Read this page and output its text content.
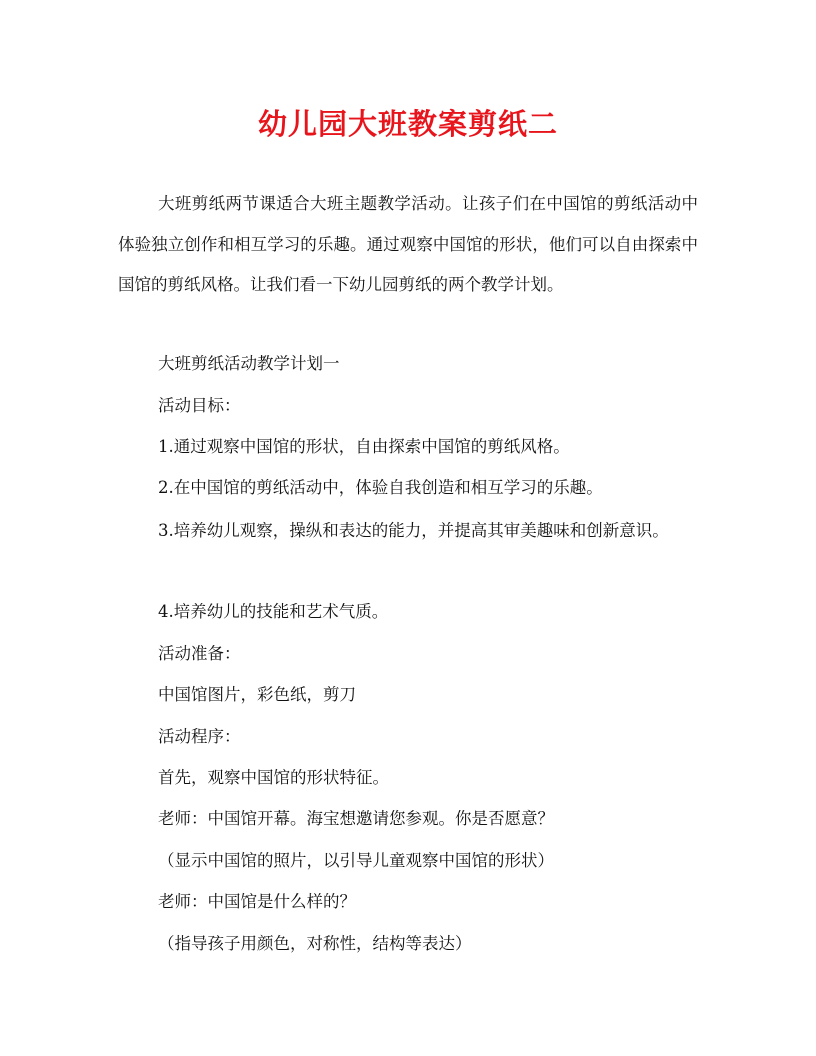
幼儿园大班教案剪纸二
大班剪纸两节课适合大班主题教学活动。让孩子们在中国馆的剪纸活动中体验独立创作和相互学习的乐趣。通过观察中国馆的形状，他们可以自由探索中国馆的剪纸风格。让我们看一下幼儿园剪纸的两个教学计划。
大班剪纸活动教学计划一
活动目标：
1.通过观察中国馆的形状，自由探索中国馆的剪纸风格。
2.在中国馆的剪纸活动中，体验自我创造和相互学习的乐趣。
3.培养幼儿观察，操纵和表达的能力，并提高其审美趣味和创新意识。
4.培养幼儿的技能和艺术气质。
活动准备：
中国馆图片，彩色纸，剪刀
活动程序：
首先，观察中国馆的形状特征。
老师：中国馆开幕。海宝想邀请您参观。你是否愿意？
（显示中国馆的照片，以引导儿童观察中国馆的形状）
老师：中国馆是什么样的？
（指导孩子用颜色，对称性，结构等表达）
